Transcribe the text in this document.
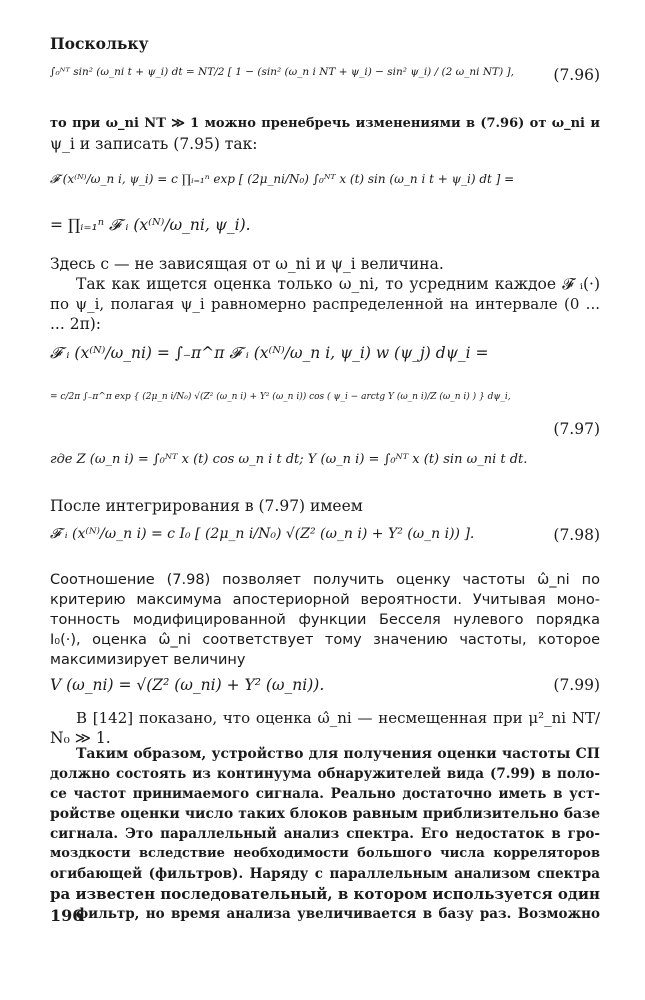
Поскольку
∫₀ᴺᵀ sin² (ω_ni t + ψ_i) dt = NT/2 [ 1 − (sin² (ω_n i NT + ψ_i) − sin² ψ_i) / (2 ω_ni NT) ],	(7.96)
то при ω_ni NT ≫ 1 можно пренебречь изменениями в (7.96) от ω_ni и
ψ_i и записать (7.95) так:
𝓕 (x⁽ᴺ⁾/ω_n i, ψ_i) = c ∏ᵢ₌₁ⁿ exp [ (2μ_ni/N₀) ∫₀ᴺᵀ x (t) sin (ω_n i t + ψ_i) dt ] =
= ∏ᵢ₌₁ⁿ 𝓕 ᵢ (x⁽ᴺ⁾/ω_ni, ψ_i).
Здесь c — не зависящая от ω_ni и ψ_i величина.
Так как ищется оценка только ω_ni, то усредним каждое 𝓕 ᵢ(·)
по ψ_i, полагая ψ_i равномерно распределенной на интервале (0 ...
... 2π):
𝓕 ᵢ (x⁽ᴺ⁾/ω_ni) = ∫₋π^π 𝓕 ᵢ (x⁽ᴺ⁾/ω_n i, ψ_i) w (ψ_j) dψ_i =
= c/2π ∫₋π^π exp { (2μ_n i/N₀) √(Z² (ω_n i) + Y² (ω_n i)) cos ( ψ_i − arctg Y (ω_n i)/Z (ω_n i) ) } dψ_i,
(7.97)
где Z (ω_n i) = ∫₀ᴺᵀ x (t) cos ω_n i t dt; Y (ω_n i) = ∫₀ᴺᵀ x (t) sin ω_ni t dt.
После интегрирования в (7.97) имеем
𝓕 ᵢ (x⁽ᴺ⁾/ω_n i) = c I₀ [ (2μ_n i/N₀) √(Z² (ω_n i) + Y² (ω_n i)) ].	(7.98)
Соотношение (7.98) позволяет получить оценку частоты ω̂_ni по
критерию максимума апостериорной вероятности. Учитывая моно-
тонность модифицированной функции Бесселя нулевого порядка
I₀(·), оценка ω̂_ni соответствует тому значению частоты, которое
максимизирует величину
V (ω_ni) = √(Z² (ω_ni) + Y² (ω_ni)).	(7.99)
В [142] показано, что оценка ω̂_ni — несмещенная при μ²_ni NT/
N₀ ≫ 1.
Таким образом, устройство для получения оценки частоты СП
должно состоять из континуума обнаружителей вида (7.99) в поло-
се частот принимаемого сигнала. Реально достаточно иметь в уст-
ройстве оценки число таких блоков равным приблизительно базе
сигнала. Это параллельный анализ спектра. Его недостаток в гро-
моздкости вследствие необходимости большого числа корреляторов
огибающей (фильтров). Наряду с параллельным анализом спектра
ра известен последовательный, в котором используется один
фильтр, но время анализа увеличивается в базу раз. Возможно
196
